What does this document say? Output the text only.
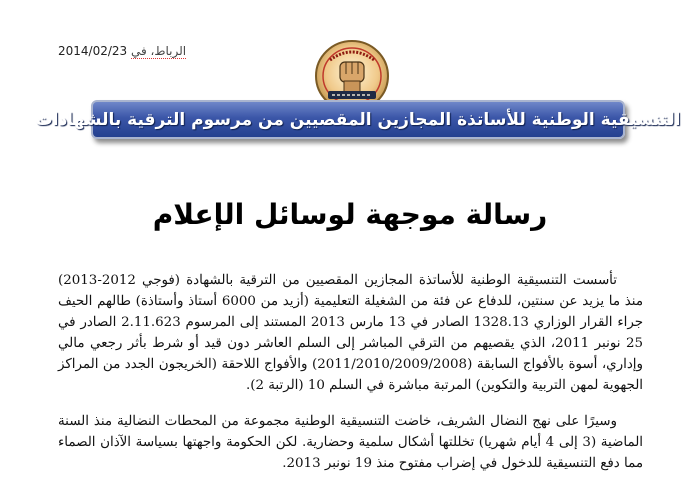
الرباط، في 2014/02/23
التنسيقية الوطنية للأساتذة المجازين المقصيين من مرسوم الترقية بالشهادات
رسالة موجهة لوسائل الإعلام
تأسست التنسيقية الوطنية للأساتذة المجازين المقصيين من الترقية بالشهادة (فوجي 2012-2013) منذ ما يزيد عن سنتين، للدفاع عن فئة من الشغيلة التعليمية (أزيد من 6000 أستاذ وأستاذة) طالهم الحيف جراء القرار الوزاري 1328.13 الصادر في 13 مارس 2013 المستند إلى المرسوم 2.11.623 الصادر في 25 نونبر 2011، الذي يقصيهم من الترقي المباشر إلى السلم العاشر دون قيد أو شرط بأثر رجعي مالي وإداري، أسوة بالأفواج السابقة (2011/2010/2009/2008) والأفواج اللاحقة (الخريجون الجدد من المراكز الجهوية لمهن التربية والتكوين) المرتبة مباشرة في السلم 10 (الرتبة 2).
وسيرًا على نهج النضال الشريف، خاضت التنسيقية الوطنية مجموعة من المحطات النضالية منذ السنة الماضية (3 إلى 4 أيام شهريا) تخللتها أشكال سلمية وحضارية. لكن الحكومة واجهتها بسياسة الآذان الصماء مما دفع التنسيقية للدخول في إضراب مفتوح منذ 19 نونبر 2013.
